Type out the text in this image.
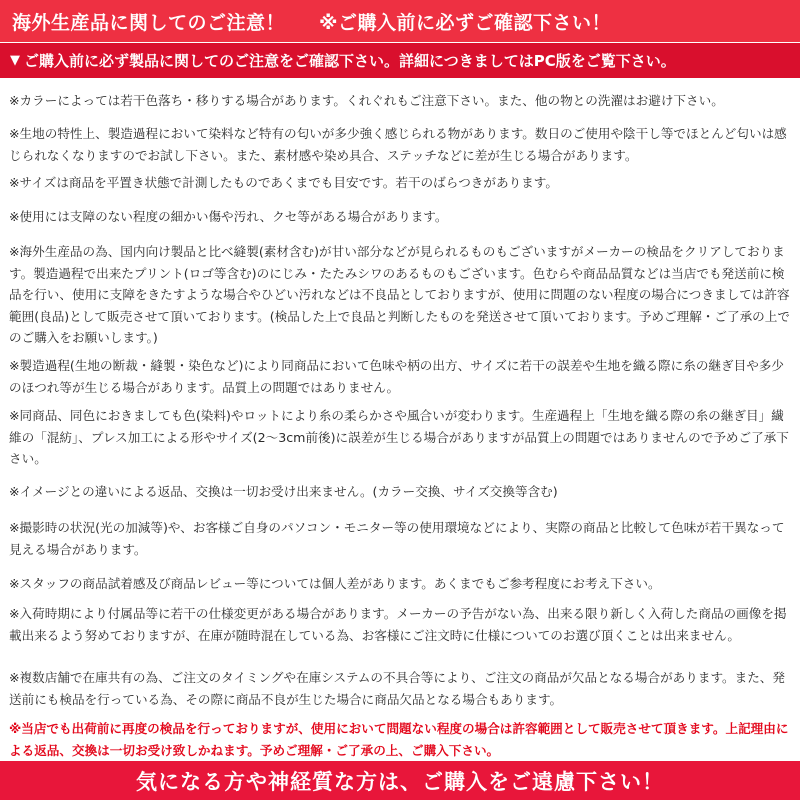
海外生産品に関してのご注意！ ※ご購入前に必ずご確認下さい！
▼ ご購入前に必ず製品に関してのご注意をご確認下さい。詳細につきましてはPC版をご覧下さい。

※カラーによっては若干色落ち・移りする場合があります。くれぐれもご注意下さい。また、他の物との洗濯はお避け下さい。

※生地の特性上、製造過程において染料など特有の匂いが多少強く感じられる物があります。数日のご使用や陰干し等でほとんど匂いは感じられなくなりますのでお試し下さい。また、素材感や染め具合、ステッチなどに差が生じる場合があります。

※サイズは商品を平置き状態で計測したものであくまでも目安です。若干のばらつきがあります。

※使用には支障のない程度の細かい傷や汚れ、クセ等がある場合があります。

※海外生産品の為、国内向け製品と比べ縫製(素材含む)が甘い部分などが見られるものもございますがメーカーの検品をクリアしております。製造過程で出来たプリント(ロゴ等含む)のにじみ・たたみシワのあるものもございます。色むらや商品品質などは当店でも発送前に検品を行い、使用に支障をきたすような場合やひどい汚れなどは不良品としておりますが、使用に問題のない程度の場合につきましては許容範囲(良品)として販売させて頂いております。(検品した上で良品と判断したものを発送させて頂いております。予めご理解・ご了承の上でのご購入をお願いします。)

※製造過程(生地の断裁・縫製・染色など)により同商品において色味や柄の出方、サイズに若干の誤差や生地を織る際に糸の継ぎ目や多少のほつれ等が生じる場合があります。品質上の問題ではありません。

※同商品、同色におきましても色(染料)やロットにより糸の柔らかさや風合いが変わります。生産過程上「生地を織る際の糸の継ぎ目」繊維の「混紡」、プレス加工による形やサイズ(2〜3cm前後)に誤差が生じる場合がありますが品質上の問題ではありませんので予めご了承下さい。

※イメージとの違いによる返品、交換は一切お受け出来ません。(カラー交換、サイズ交換等含む)

※撮影時の状況(光の加減等)や、お客様ご自身のパソコン・モニター等の使用環境などにより、実際の商品と比較して色味が若干異なって見える場合があります。

※スタッフの商品試着感及び商品レビュー等については個人差があります。あくまでもご参考程度にお考え下さい。

※入荷時期により付属品等に若干の仕様変更がある場合があります。メーカーの予告がない為、出来る限り新しく入荷した商品の画像を掲載出来るよう努めておりますが、在庫が随時混在している為、お客様にご注文時に仕様についてのお選び頂くことは出来ません。

※複数店舗で在庫共有の為、ご注文のタイミングや在庫システムの不具合等により、ご注文の商品が欠品となる場合があります。また、発送前にも検品を行っている為、その際に商品不良が生じた場合に商品欠品となる場合もあります。

※当店でも出荷前に再度の検品を行っておりますが、使用において問題ない程度の場合は許容範囲として販売させて頂きます。上記理由による返品、交換は一切お受け致しかねます。予めご理解・ご了承の上、ご購入下さい。

気になる方や神経質な方は、ご購入をご遠慮下さい！
